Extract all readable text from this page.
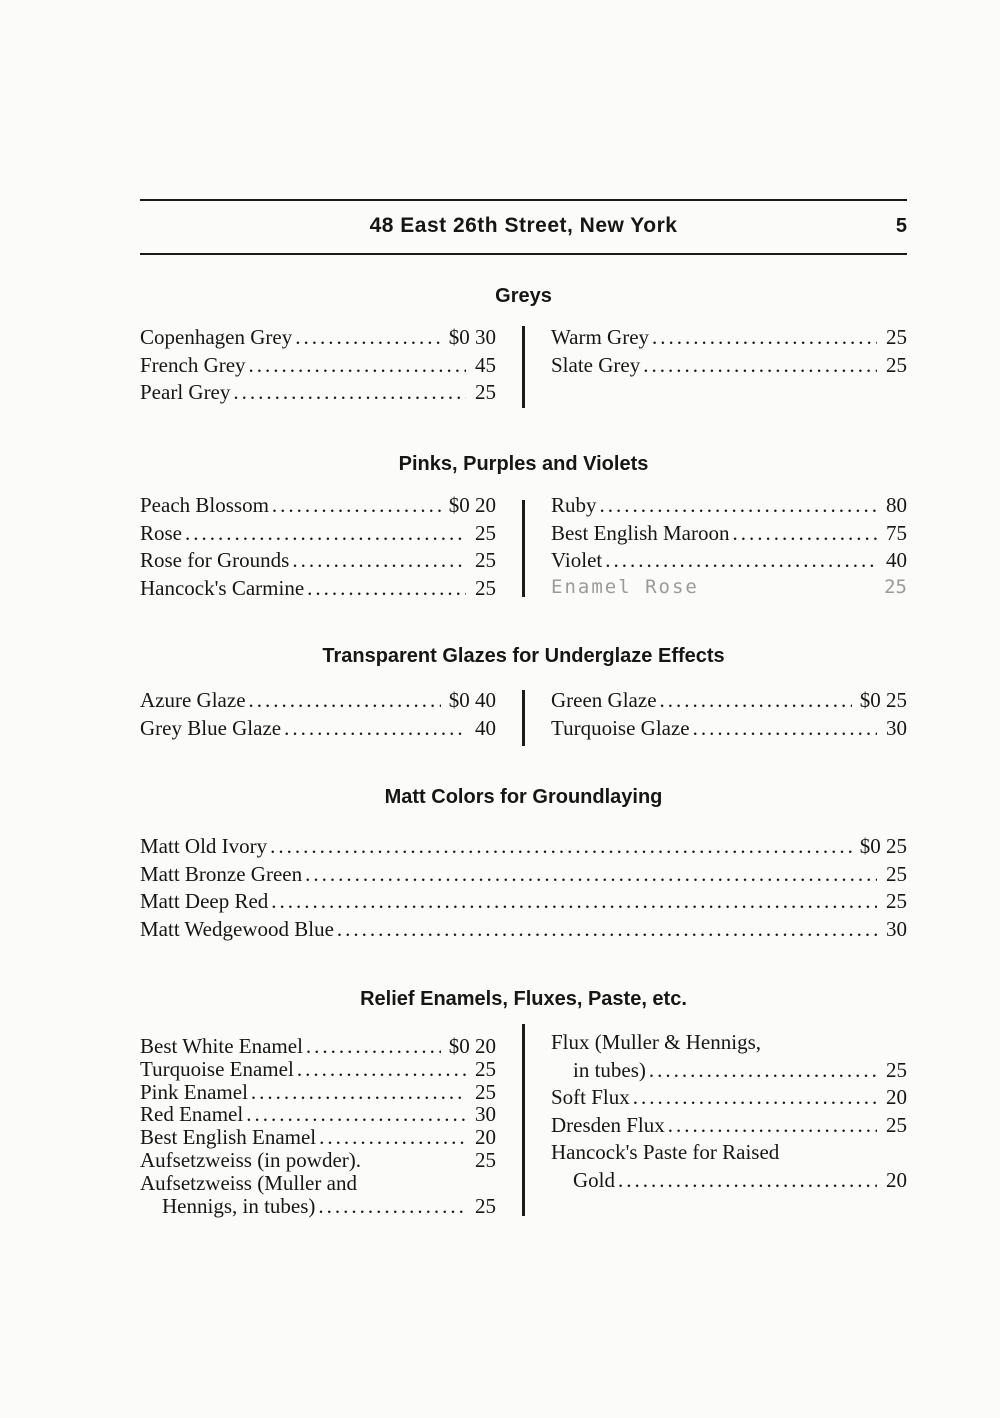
48 East 26th Street, New York	5
Greys
Copenhagen Grey .....	$0 30
French Grey .....	45
Pearl Grey .....	25
Warm Grey .....	25
Slate Grey .....	25
Pinks, Purples and Violets
Peach Blossom .....	$0 20
Rose .....	25
Rose for Grounds .....	25
Hancock's Carmine .....	25
Ruby .....	80
Best English Maroon .....	75
Violet .....	40
Enamel Rose	25
Transparent Glazes for Underglaze Effects
Azure Glaze .....	$0 40
Grey Blue Glaze .....	40
Green Glaze .....	$0 25
Turquoise Glaze .....	30
Matt Colors for Groundlaying
Matt Old Ivory .....	$0 25
Matt Bronze Green .....	25
Matt Deep Red .....	25
Matt Wedgewood Blue .....	30
Relief Enamels, Fluxes, Paste, etc.
Best White Enamel .....	$0 20
Turquoise Enamel .....	25
Pink Enamel .....	25
Red Enamel .....	30
Best English Enamel .....	20
Aufsetzweiss (in powder).	25
Aufsetzweiss (Muller and
Hennigs, in tubes) .....	25
Flux (Muller & Hennigs,
in tubes) .....	25
Soft Flux .....	20
Dresden Flux .....	25
Hancock's Paste for Raised
Gold .....	20
